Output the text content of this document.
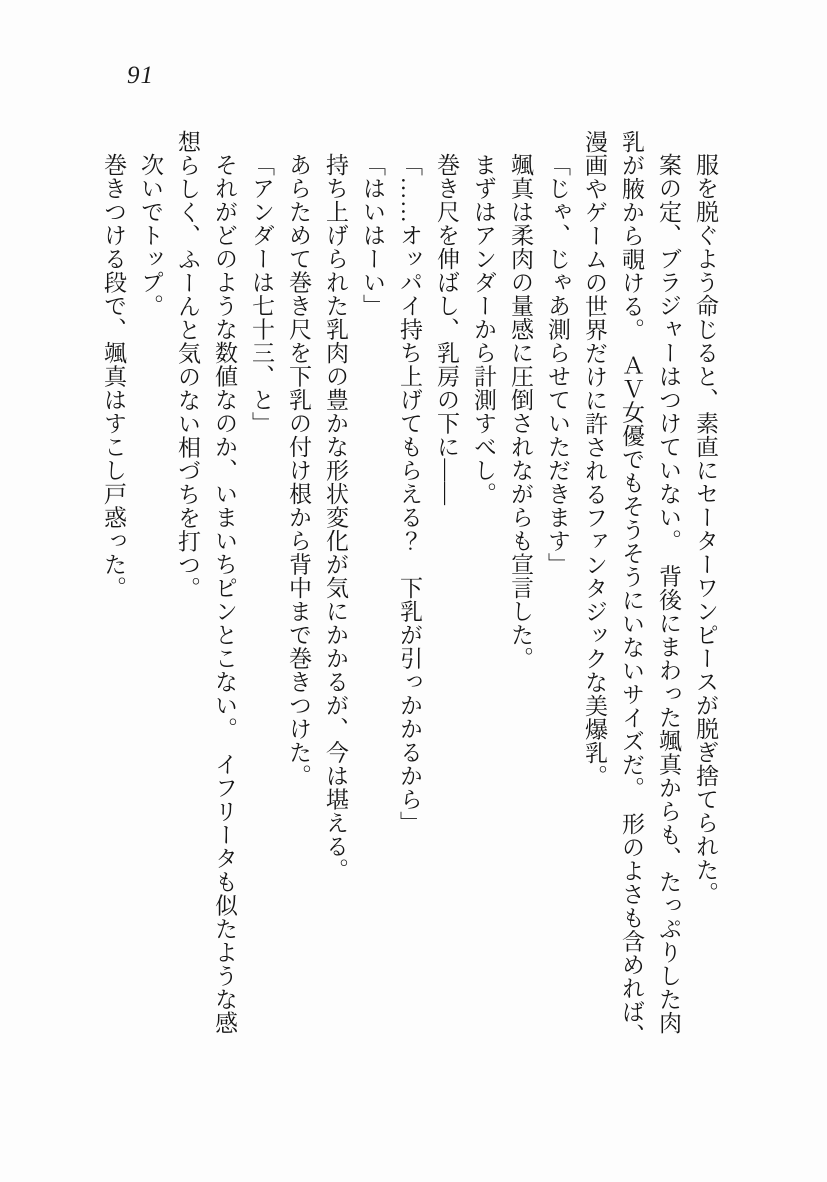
91

服を脱ぐよう命じると、素直にセーターワンピースが脱ぎ捨てられた。

案の定、ブラジャーはつけていない。　背後にまわった颯真からも、たっぷりした肉

乳が腋から覗ける。　ＡＶ女優でもそうそうにいないサイズだ。　形のよさも含めれば、

漫画やゲームの世界だけに許されるファンタジックな美爆乳。

「じゃ、じゃあ測らせていただきます」

颯真は柔肉の量感に圧倒されながらも宣言した。

まずはアンダーから計測すべし。

巻き尺を伸ばし、乳房の下に――

「……オッパイ持ち上げてもらえる？　下乳が引っかかるから」

「はいはーい」

持ち上げられた乳肉の豊かな形状変化が気にかかるが、今は堪える。

あらためて巻き尺を下乳の付け根から背中まで巻きつけた。

「アンダーは七十三、と」

それがどのような数値なのか、いまいちピンとこない。　イフリータも似たような感

想らしく、ふーんと気のない相づちを打つ。

次いでトップ。

巻きつける段で、颯真はすこし戸惑った。
